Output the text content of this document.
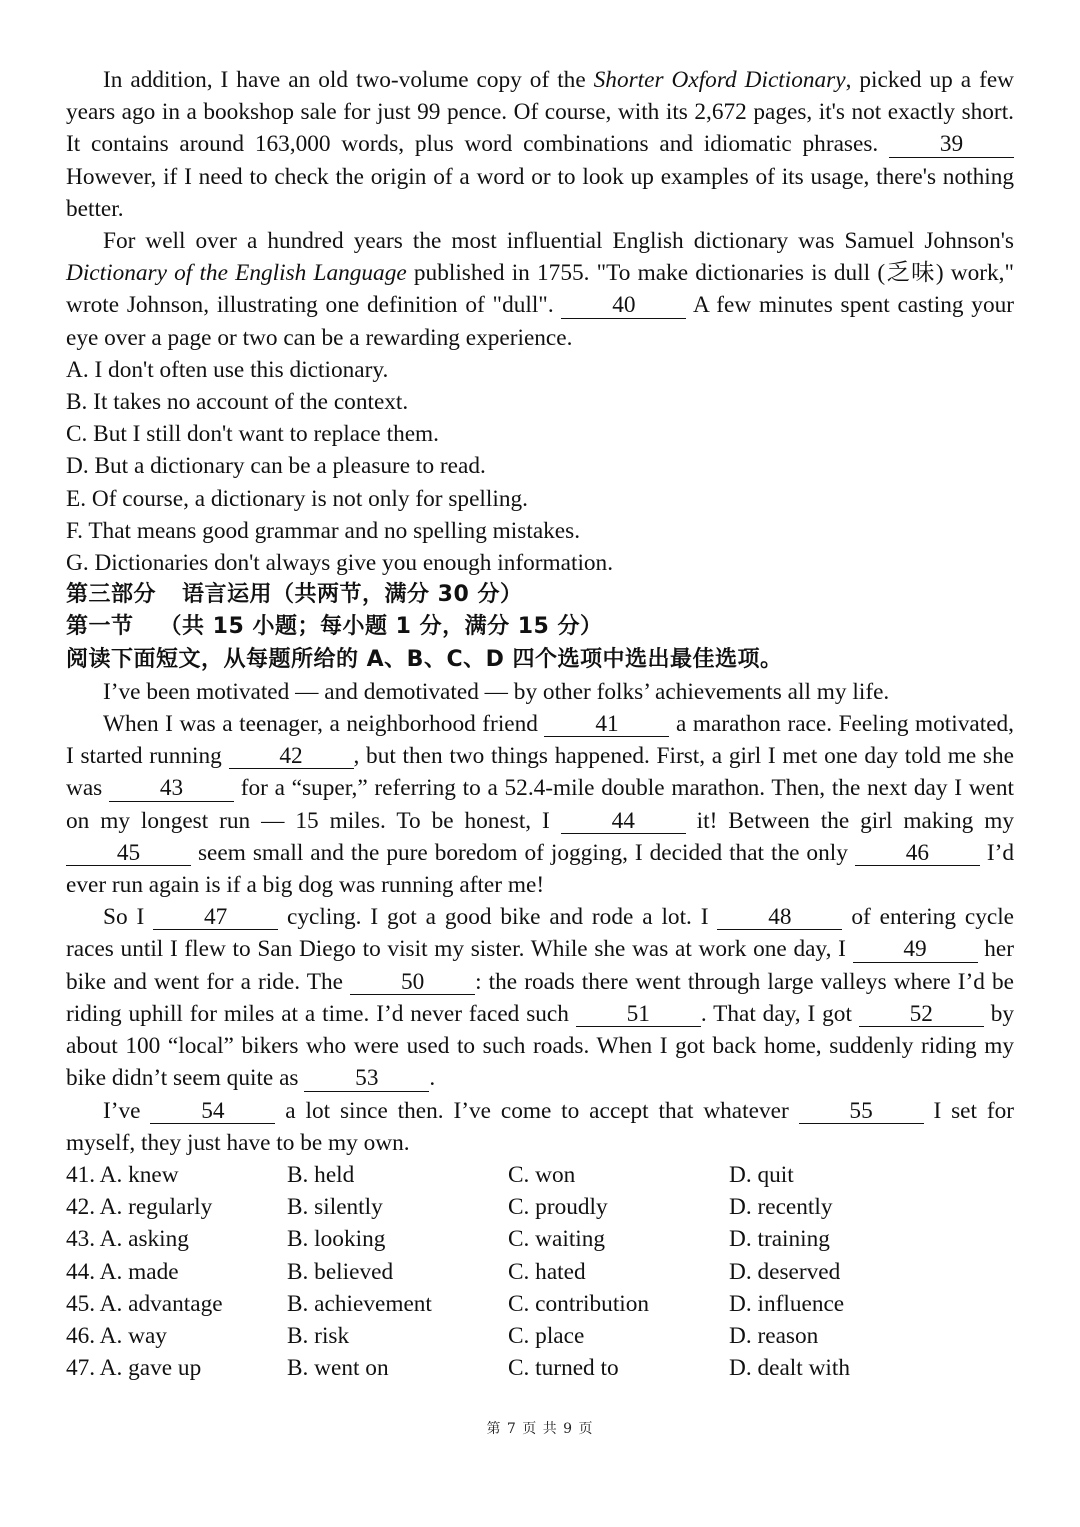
In addition, I have an old two-volume copy of the Shorter Oxford Dictionary, picked up a few years ago in a bookshop sale for just 99 pence. Of course, with its 2,672 pages, it's not exactly short. It contains around 163,000 words, plus word combinations and idiomatic phrases. 39 However, if I need to check the origin of a word or to look up examples of its usage, there's nothing better.

For well over a hundred years the most influential English dictionary was Samuel Johnson's Dictionary of the English Language published in 1755. "To make dictionaries is dull (乏味) work," wrote Johnson, illustrating one definition of "dull". 40 A few minutes spent casting your eye over a page or two can be a rewarding experience.

A. I don't often use this dictionary.

B. It takes no account of the context.

C. But I still don't want to replace them.

D. But a dictionary can be a pleasure to read.

E. Of course, a dictionary is not only for spelling.

F. That means good grammar and no spelling mistakes.

G. Dictionaries don't always give you enough information.

第三部分 语言运用（共两节，满分 30 分）

第一节 （共 15 小题；每小题 1 分，满分 15 分）

阅读下面短文，从每题所给的 A、B、C、D 四个选项中选出最佳选项。

I’ve been motivated — and demotivated — by other folks’ achievements all my life.

When I was a teenager, a neighborhood friend 41 a marathon race. Feeling motivated, I started running 42 , but then two things happened. First, a girl I met one day told me she was 43 for a “super,” referring to a 52.4-mile double marathon. Then, the next day I went on my longest run — 15 miles. To be honest, I 44 it! Between the girl making my 45 seem small and the pure boredom of jogging, I decided that the only 46 I’d ever run again is if a big dog was running after me!

So I 47 cycling. I got a good bike and rode a lot. I 48 of entering cycle races until I flew to San Diego to visit my sister. While she was at work one day, I 49 her bike and went for a ride. The 50 : the roads there went through large valleys where I’d be riding uphill for miles at a time. I’d never faced such 51 . That day, I got 52 by about 100 “local” bikers who were used to such roads. When I got back home, suddenly riding my bike didn’t seem quite as 53 .

I’ve 54 a lot since then. I’ve come to accept that whatever 55 I set for myself, they just have to be my own.

41. A. knew	B. held	C. won	D. quit
42. A. regularly	B. silently	C. proudly	D. recently
43. A. asking	B. looking	C. waiting	D. training
44. A. made	B. believed	C. hated	D. deserved
45. A. advantage	B. achievement	C. contribution	D. influence
46. A. way	B. risk	C. place	D. reason
47. A. gave up	B. went on	C. turned to	D. dealt with
第 7 页 共 9 页
